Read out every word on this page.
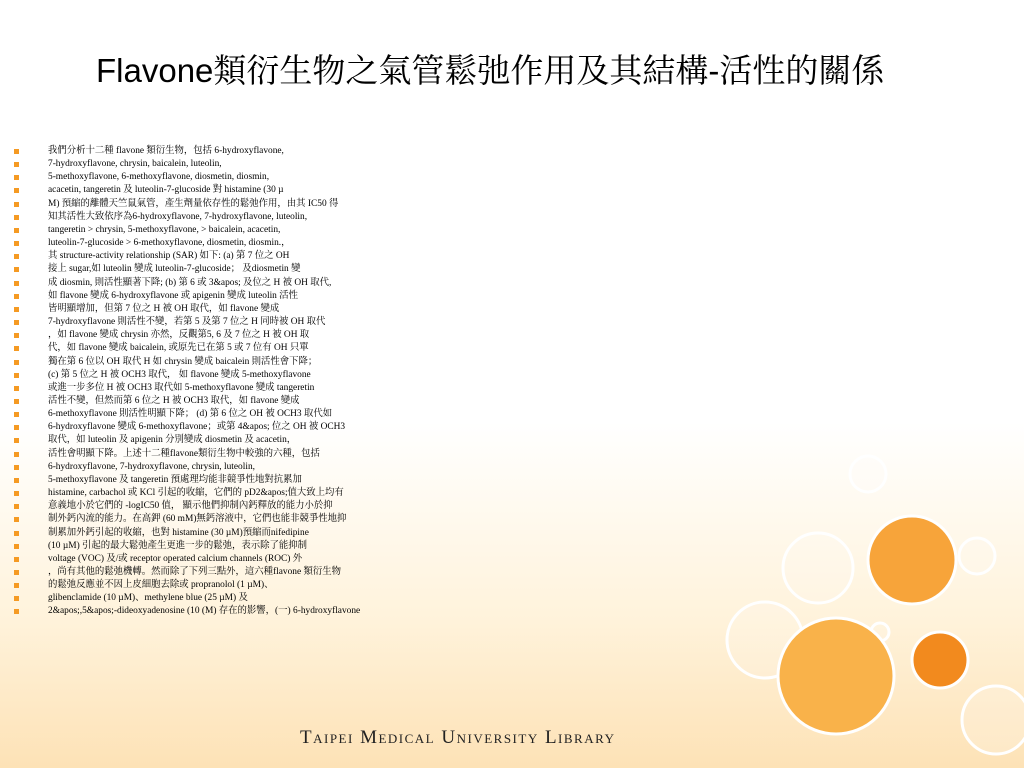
Flavone類衍生物之氣管鬆弛作用及其結構-活性的關係
我們分析十二種 flavone 類衍生物，包括 6-hydroxyflavone,
7-hydroxyflavone, chrysin, baicalein, luteolin,
5-methoxyflavone, 6-methoxyflavone, diosmetin, diosmin,
acacetin, tangeretin 及 luteolin-7-glucoside 對 histamine (30 µ
M) 預縮的離體天竺鼠氣管，產生劑量依存性的鬆弛作用，由其 IC50 得
知其活性大致依序為6-hydroxyflavone, 7-hydroxyflavone, luteolin,
tangeretin > chrysin, 5-methoxyflavone, > baicalein, acacetin,
luteolin-7-glucoside > 6-methoxyflavone, diosmetin, diosmin.，
其 structure-activity relationship (SAR) 如下: (a) 第 7 位之 OH
接上 sugar,如 luteolin 變成 luteolin-7-glucoside； 及diosmetin 變
成 diosmin, 則活性顯著下降; (b) 第 6 或 3&apos; 及位之 H 被 OH 取代,
如 flavone 變成 6-hydroxyflavone 或 apigenin 變成 luteolin 活性
皆明顯增加，但第 7 位之 H 被 OH 取代，如 flavone 變成
7-hydroxyflavone 則活性不變，若第 5 及第 7 位之 H 同時被 OH 取代
，如 flavone 變成 chrysin 亦然，反觀第5, 6 及 7 位之 H 被 OH 取
代，如 flavone 變成 baicalein, 或原先已在第 5 或 7 位有 OH 只單
獨在第 6 位以 OH 取代 H 如 chrysin 變成 baicalein 則活性會下降；
(c) 第 5 位之 H 被 OCH3 取代， 如 flavone 變成 5-methoxyflavone
或進一步多位 H 被 OCH3 取代如 5-methoxyflavone 變成 tangeretin
活性不變，但然而第 6 位之 H 被 OCH3 取代，如 flavone 變成
6-methoxyflavone 則活性明顯下降； (d) 第 6 位之 OH 被 OCH3 取代如
6-hydroxyflavone 變成 6-methoxyflavone；或第 4&apos; 位之 OH 被 OCH3
取代，如 luteolin 及 apigenin 分別變成 diosmetin 及 acacetin，
活性會明顯下降。上述十二種flavone類衍生物中較強的六種，包括
6-hydroxyflavone, 7-hydroxyflavone, chrysin, luteolin,
5-methoxyflavone 及 tangeretin 預處理均能非競爭性地對抗累加
histamine, carbachol 或 KCl 引起的收縮，它們的 pD2&apos;值大致上均有
意義地小於它們的 -logIC50 值， 顯示他們抑制內鈣釋放的能力小於抑
制外鈣內流的能力。在高鉀 (60 mM)無鈣溶液中，它們也能非競爭性地抑
制累加外鈣引起的收縮，也對 histamine (30 µM)預縮而nifedipine
(10 µM) 引起的最大鬆弛產生更進一步的鬆弛，表示除了能抑制
voltage (VOC) 及/或 receptor operated calcium channels (ROC) 外
，尚有其他的鬆弛機轉。然而除了下列三點外，這六種flavone 類衍生物
的鬆弛反應並不因上皮細胞去除或 propranolol (1 µM)、
glibenclamide (10 µM)、methylene blue (25 µM) 及
2&apos;,5&apos;-dideoxyadenosine (10 (M) 存在的影響，(一) 6-hydroxyflavone
Taipei Medical University Library
